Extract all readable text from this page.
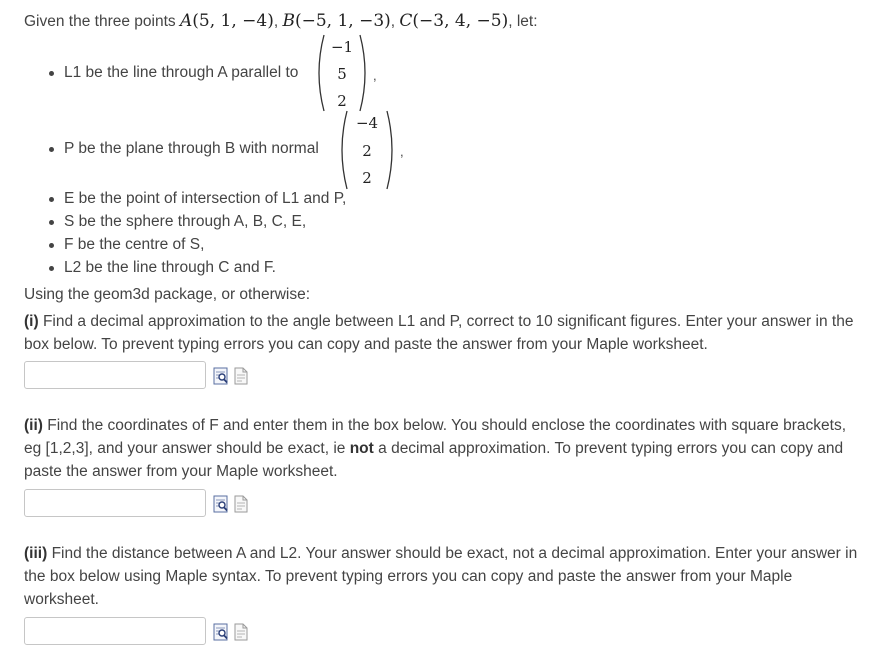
Given the three points A(5, 1, −4), B(−5, 1, −3), C(−3, 4, −5), let:
L1 be the line through A parallel to
−1
5
2
,
P be the plane through B with normal
−4
2
2
,
E be the point of intersection of L1 and P,
S be the sphere through A, B, C, E,
F be the centre of S,
L2 be the line through C and F.
Using the geom3d package, or otherwise:
(i) Find a decimal approximation to the angle between L1 and P, correct to 10 significant figures. Enter your answer in the box below. To prevent typing errors you can copy and paste the answer from your Maple worksheet.
(ii) Find the coordinates of F and enter them in the box below. You should enclose the coordinates with square brackets, eg [1,2,3], and your answer should be exact, ie not a decimal approximation. To prevent typing errors you can copy and paste the answer from your Maple worksheet.
(iii) Find the distance between A and L2. Your answer should be exact, not a decimal approximation. Enter your answer in the box below using Maple syntax. To prevent typing errors you can copy and paste the answer from your Maple worksheet.
